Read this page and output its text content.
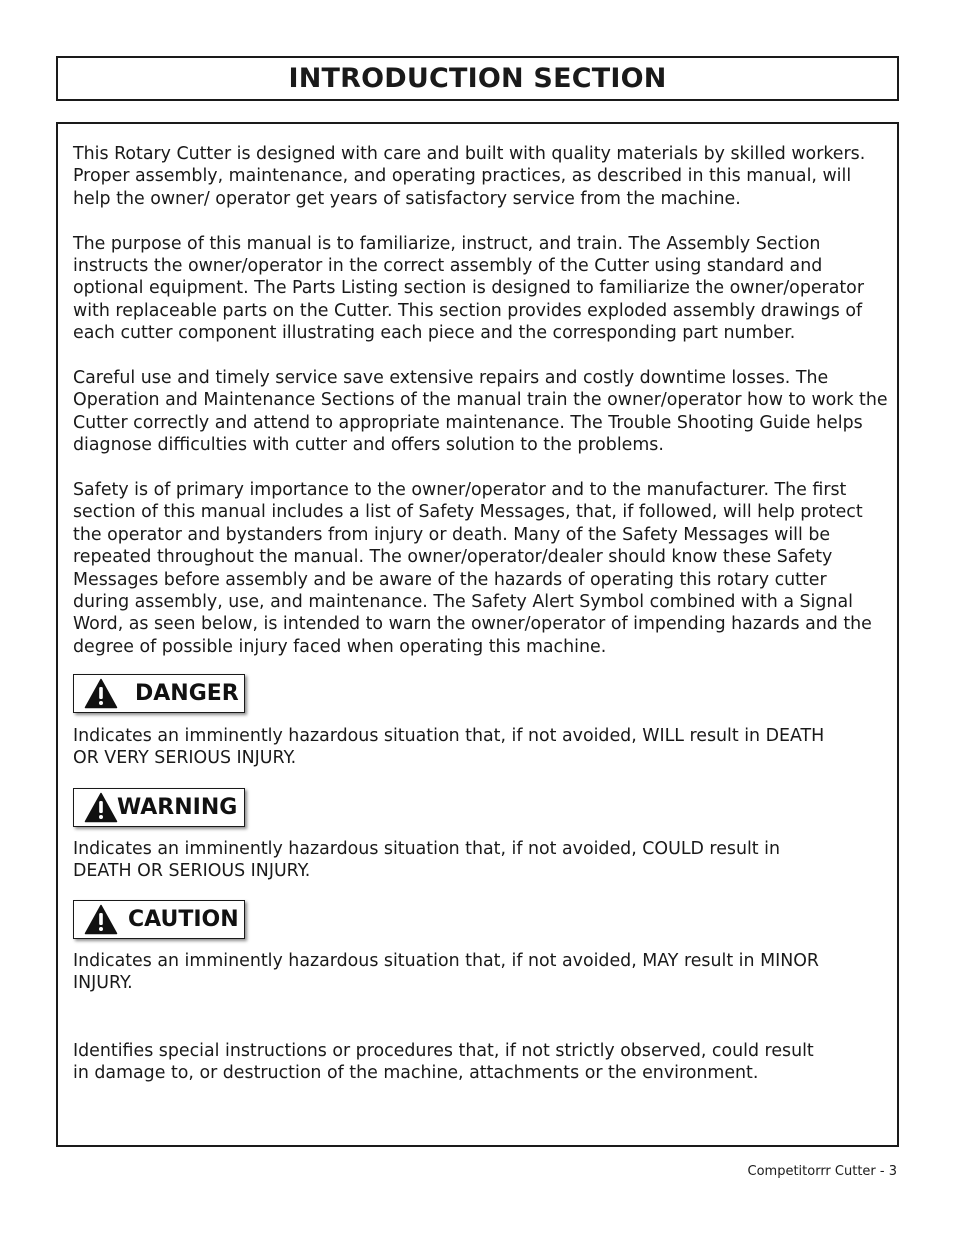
INTRODUCTION SECTION

This Rotary Cutter is designed with care and built with quality materials by skilled workers. Proper assembly, maintenance, and operating practices, as described in this manual, will help the owner/ operator get years of satisfactory service from the machine.

The purpose of this manual is to familiarize, instruct, and train. The Assembly Section instructs the owner/operator in the correct assembly of the Cutter using standard and optional equipment. The Parts Listing section is designed to familiarize the owner/operator with replaceable parts on the Cutter. This section provides exploded assembly drawings of each cutter component illustrating each piece and the corresponding part number.

Careful use and timely service save extensive repairs and costly downtime losses. The Operation and Maintenance Sections of the manual train the owner/operator how to work the Cutter correctly and attend to appropriate maintenance. The Trouble Shooting Guide helps diagnose difficulties with cutter and offers solution to the problems.

Safety is of primary importance to the owner/operator and to the manufacturer. The first section of this manual includes a list of Safety Messages, that, if followed, will help protect the operator and bystanders from injury or death. Many of the Safety Messages will be repeated throughout the manual. The owner/operator/dealer should know these Safety Messages before assembly and be aware of the hazards of operating this rotary cutter during assembly, use, and maintenance. The Safety Alert Symbol combined with a Signal Word, as seen below, is intended to warn the owner/operator of impending hazards and the degree of possible injury faced when operating this machine.

DANGER

Indicates an imminently hazardous situation that, if not avoided, WILL result in DEATH OR VERY SERIOUS INJURY.

WARNING

Indicates an imminently hazardous situation that, if not avoided, COULD result in DEATH OR SERIOUS INJURY.

CAUTION

Indicates an imminently hazardous situation that, if not avoided, MAY result in MINOR INJURY.

Identifies special instructions or procedures that, if not strictly observed, could result in damage to, or destruction of the machine, attachments or the environment.

Competitorrr Cutter - 3
